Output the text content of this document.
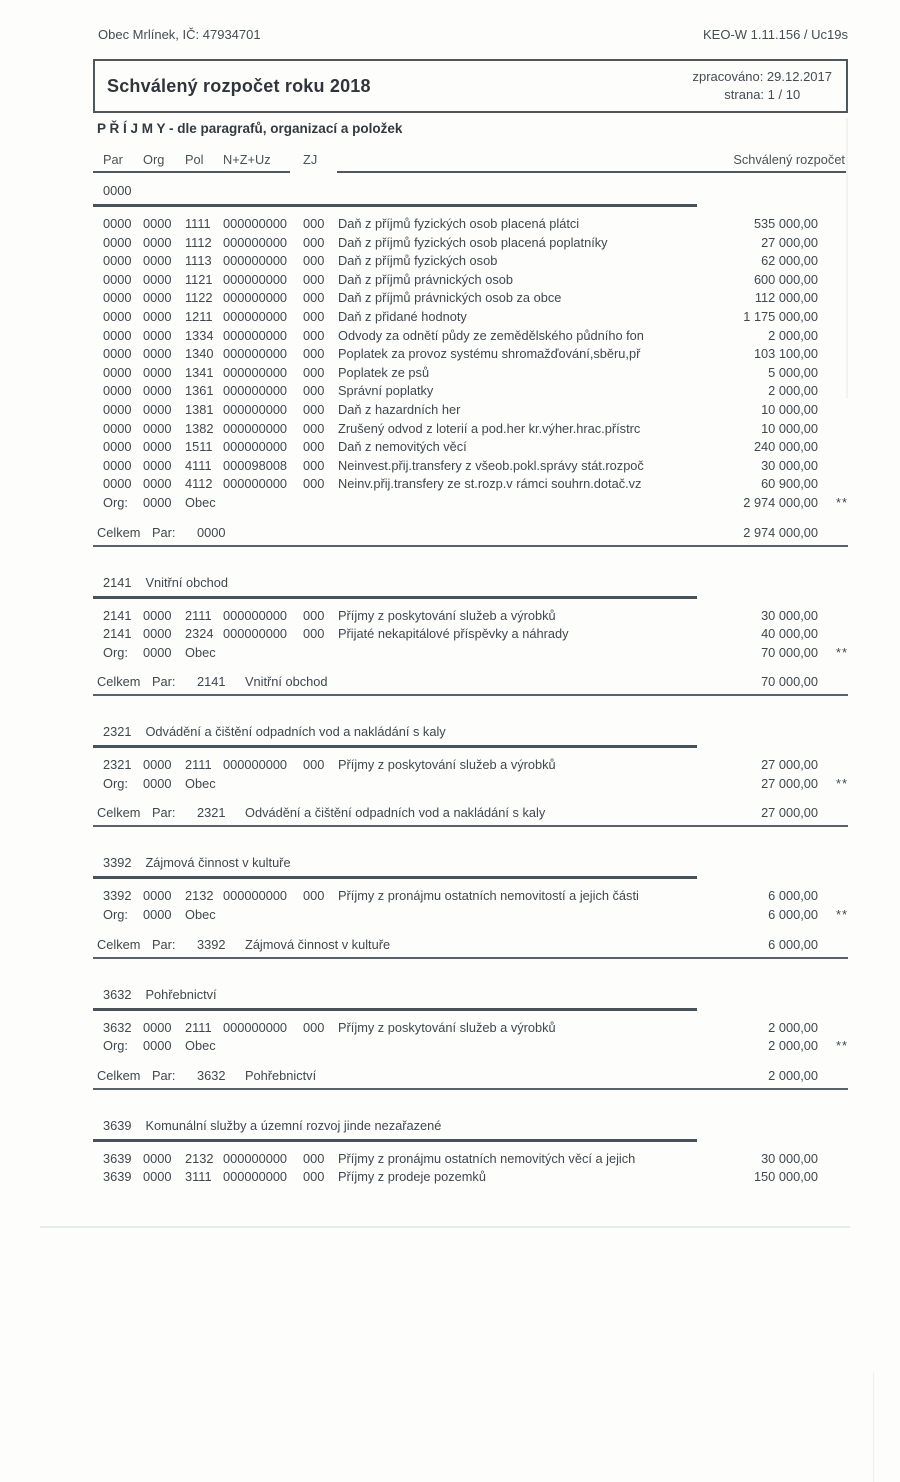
Obec Mrlínek, IČ: 47934701	KEO-W 1.11.156 / Uc19s
Schválený rozpočet roku 2018	zpracováno: 29.12.2017
strana: 1 / 10
P Ř Í J M Y - dle paragrafů, organizací a položek
Par	Org	Pol	N+Z+Uz	ZJ	Schválený rozpočet
0000
0000 0000	1111 000000000	000	Daň z příjmů fyzických osob placená plátci	535 000,00
0000 0000	1112 000000000	000	Daň z příjmů fyzických osob placená poplatníky	27 000,00
0000 0000	1113 000000000	000	Daň z příjmů fyzických osob	62 000,00
0000 0000	1121 000000000	000	Daň z příjmů právnických osob	600 000,00
0000 0000	1122 000000000	000	Daň z příjmů právnických osob za obce	112 000,00
0000 0000	1211 000000000	000	Daň z přidané hodnoty	1 175 000,00
0000 0000	1334 000000000	000	Odvody za odnětí půdy ze zemědělského půdního fon	2 000,00
0000 0000	1340 000000000	000	Poplatek za provoz systému shromažďování,sběru,př	103 100,00
0000 0000	1341 000000000	000	Poplatek ze psů	5 000,00
0000 0000	1361 000000000	000	Správní poplatky	2 000,00
0000 0000	1381 000000000	000	Daň z hazardních her	10 000,00
0000 0000	1382 000000000	000	Zrušený odvod z loterií a pod.her kr.výher.hrac.přístrc	10 000,00
0000 0000	1511 000000000	000	Daň z nemovitých věcí	240 000,00
0000 0000	4111 000098008	000	Neinvest.přij.transfery z všeob.pokl.správy stát.rozpoč	30 000,00
0000 0000	4112 000000000	000	Neinv.přij.transfery ze st.rozp.v rámci souhrn.dotač.vz	60 900,00
Org:	0000	Obec	2 974 000,00	**
Celkem Par:	0000	2 974 000,00
2141 Vnitřní obchod
2141 0000	2111 000000000	000	Příjmy z poskytování služeb a výrobků	30 000,00
2141 0000	2324 000000000	000	Přijaté nekapitálové příspěvky a náhrady	40 000,00
Org:	0000	Obec	70 000,00	**
Celkem Par:	2141	Vnitřní obchod	70 000,00
2321 Odvádění a čištění odpadních vod a nakládání s kaly
2321 0000	2111 000000000	000	Příjmy z poskytování služeb a výrobků	27 000,00
Org:	0000	Obec	27 000,00	**
Celkem Par:	2321	Odvádění a čištění odpadních vod a nakládání s kaly	27 000,00
3392 Zájmová činnost v kultuře
3392 0000	2132 000000000	000	Příjmy z pronájmu ostatních nemovitostí a jejich části	6 000,00
Org:	0000	Obec	6 000,00	**
Celkem Par:	3392	Zájmová činnost v kultuře	6 000,00
3632 Pohřebnictví
3632 0000	2111 000000000	000	Příjmy z poskytování služeb a výrobků	2 000,00
Org:	0000	Obec	2 000,00	**
Celkem Par:	3632	Pohřebnictví	2 000,00
3639 Komunální služby a územní rozvoj jinde nezařazené
3639 0000	2132 000000000	000	Příjmy z pronájmu ostatních nemovitých věcí a jejich	30 000,00
3639 0000	3111 000000000	000	Příjmy z prodeje pozemků	150 000,00
